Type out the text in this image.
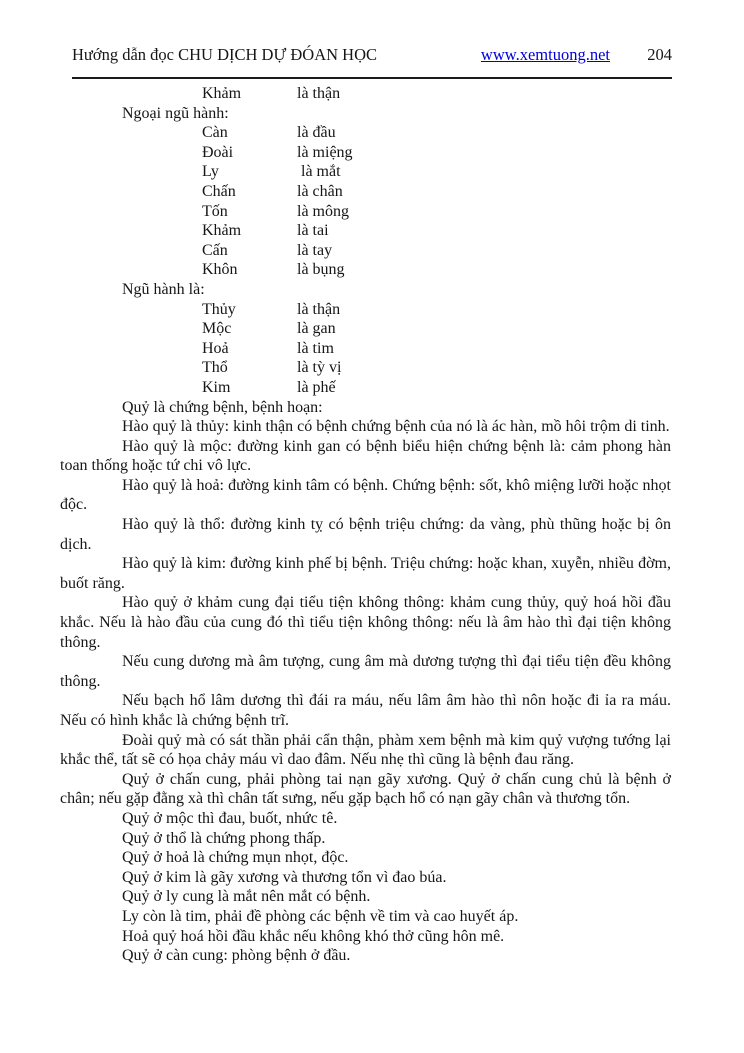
Hướng dẫn đọc CHU DỊCH DỰ ĐÓAN HỌC	www.xemtuong.net	204
Khảm	là thận
Ngoại ngũ hành:
Càn	là đầu
Đoài	là miệng
Ly	là mắt
Chấn	là chân
Tốn	là mông
Khảm	là tai
Cấn	là tay
Khôn	là bụng
Ngũ hành là:
Thủy	là thận
Mộc	là gan
Hoả	là tim
Thổ	là tỳ vị
Kim	là phế

Quỷ là chứng bệnh, bệnh hoạn:

Hào quỷ là thủy: kinh thận có bệnh chứng bệnh của nó là ác hàn, mồ hôi trộm di tinh.

Hào quỷ là mộc: đường kinh gan có bệnh biểu hiện chứng bệnh là: cảm phong hàn toan thống hoặc tứ chi vô lực.

Hào quỷ là hoả: đường kinh tâm có bệnh. Chứng bệnh: sốt, khô miệng lưỡi hoặc nhọt độc.

Hào quỷ là thổ: đường kinh tỵ có bệnh triệu chứng: da vàng, phù thũng hoặc bị ôn dịch.

Hào quỷ là kim: đường kinh phế bị bệnh. Triệu chứng: hoặc khan, xuyễn, nhiều đờm, buốt răng.

Hào quỷ ở khảm cung đại tiểu tiện không thông: khảm cung thủy, quỷ hoá hồi đầu khắc. Nếu là hào đầu của cung đó thì tiểu tiện không thông: nếu là âm hào thì đại tiện không thông.

Nếu cung dương mà âm tượng, cung âm mà dương tượng thì đại tiểu tiện đều không thông.

Nếu bạch hổ lâm dương thì đái ra máu, nếu lâm âm hào thì nôn hoặc đi ỉa ra máu. Nếu có hình khắc là chứng bệnh trĩ.

Đoài quỷ mà có sát thần phải cẩn thận, phàm xem bệnh mà kim quỷ vượng tướng lại khắc thể, tất sẽ có họa chảy máu vì dao đâm. Nếu nhẹ thì cũng là bệnh đau răng.

Quỷ ở chấn cung, phải phòng tai nạn gãy xương. Quỷ ở chấn cung chủ là bệnh ở chân; nếu gặp đằng xà thì chân tất sưng, nếu gặp bạch hổ có nạn gãy chân và thương tổn.

Quỷ ở mộc thì đau, buốt, nhức tê.

Quỷ ở thổ là chứng phong thấp.

Quỷ ở hoả là chứng mụn nhọt, độc.

Quỷ ở kim là gãy xương và thương tổn vì đao búa.

Quỷ ở ly cung là mắt nên mắt có bệnh.

Ly còn là tim, phải đề phòng các bệnh về tim và cao huyết áp.

Hoả quỷ hoá hồi đầu khắc nếu không khó thở cũng hôn mê.

Quỷ ở càn cung: phòng bệnh ở đầu.
